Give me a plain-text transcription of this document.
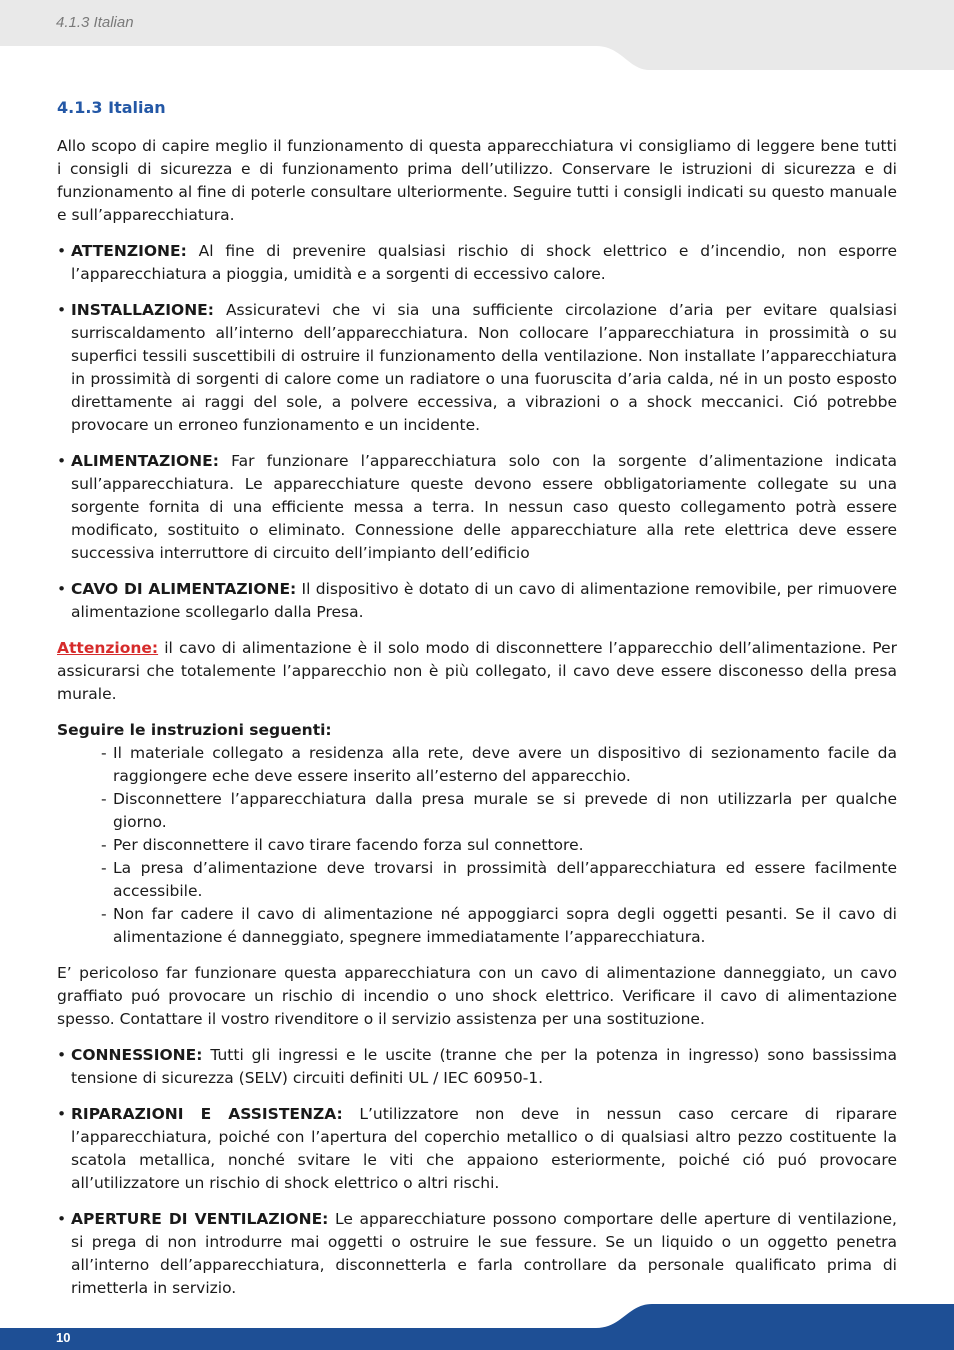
4.1.3 Italian
4.1.3 Italian

Allo scopo di capire meglio il funzionamento di questa apparecchiatura vi consigliamo di leggere bene tutti i consigli di sicurezza e di funzionamento prima dell’utilizzo. Conservare le istruzioni di sicurezza e di funzionamento al fine di poterle consultare ulteriormente. Seguire tutti i consigli indicati su questo manuale e sull’apparecchiatura.

• ATTENZIONE: Al fine di prevenire qualsiasi rischio di shock elettrico e d’incendio, non esporre l’apparecchiatura a pioggia, umidità e a sorgenti di eccessivo calore.
• INSTALLAZIONE: Assicuratevi che vi sia una sufficiente circolazione d’aria per evitare qualsiasi surriscaldamento all’interno dell’apparecchiatura. Non collocare l’apparecchiatura in prossimità o su superfici tessili suscettibili di ostruire il funzionamento della ventilazione. Non installate l’apparecchiatura in prossimità di sorgenti di calore come un radiatore o una fuoruscita d’aria calda, né in un posto esposto direttamente ai raggi del sole, a polvere eccessiva, a vibrazioni o a shock meccanici. Ció potrebbe provocare un erroneo funzionamento e un incidente.
• ALIMENTAZIONE: Far funzionare l’apparecchiatura solo con la sorgente d’alimentazione indicata sull’apparecchiatura. Le apparecchiature queste devono essere obbligatoriamente collegate su una sorgente fornita di una efficiente messa a terra. In nessun caso questo collegamento potrà essere modificato, sostituito o eliminato. Connessione delle apparecchiature alla rete elettrica deve essere successiva interruttore di circuito dell’impianto dell’edificio
• CAVO DI ALIMENTAZIONE: Il dispositivo è dotato di un cavo di alimentazione removibile, per rimuovere alimentazione scollegarlo dalla Presa.

Attenzione: il cavo di alimentazione è il solo modo di disconnettere l’apparecchio dell’alimentazione. Per assicurarsi che totalemente l’apparecchio non è più collegato, il cavo deve essere disconesso della presa murale.

Seguire le instruzioni seguenti:
- Il materiale collegato a residenza alla rete, deve avere un dispositivo di sezionamento facile da raggiongere eche deve essere inserito all’esterno del apparecchio.
- Disconnettere l’apparecchiatura dalla presa murale se si prevede di non utilizzarla per qualche giorno.
- Per disconnettere il cavo tirare facendo forza sul connettore.
- La presa d’alimentazione deve trovarsi in prossimità dell’apparecchiatura ed essere facilmente accessibile.
- Non far cadere il cavo di alimentazione né appoggiarci sopra degli oggetti pesanti. Se il cavo di alimentazione é danneggiato, spegnere immediatamente l’apparecchiatura.

E’ pericoloso far funzionare questa apparecchiatura con un cavo di alimentazione danneggiato, un cavo graffiato puó provocare un rischio di incendio o uno shock elettrico. Verificare il cavo di alimentazione spesso. Contattare il vostro rivenditore o il servizio assistenza per una sostituzione.

• CONNESSIONE: Tutti gli ingressi e le uscite (tranne che per la potenza in ingresso) sono bassissima tensione di sicurezza (SELV) circuiti definiti UL / IEC 60950-1.
• RIPARAZIONI E ASSISTENZA: L’utilizzatore non deve in nessun caso cercare di riparare l’apparecchiatura, poiché con l’apertura del coperchio metallico o di qualsiasi altro pezzo costituente la scatola metallica, nonché svitare le viti che appaiono esteriormente, poiché ció puó provocare all’utilizzatore un rischio di shock elettrico o altri rischi.
• APERTURE DI VENTILAZIONE: Le apparecchiature possono comportare delle aperture di ventilazione, si prega di non introdurre mai oggetti o ostruire le sue fessure. Se un liquido o un oggetto penetra all’interno dell’apparecchiatura, disconnetterla e farla controllare da personale qualificato prima di rimetterla in servizio.
10
